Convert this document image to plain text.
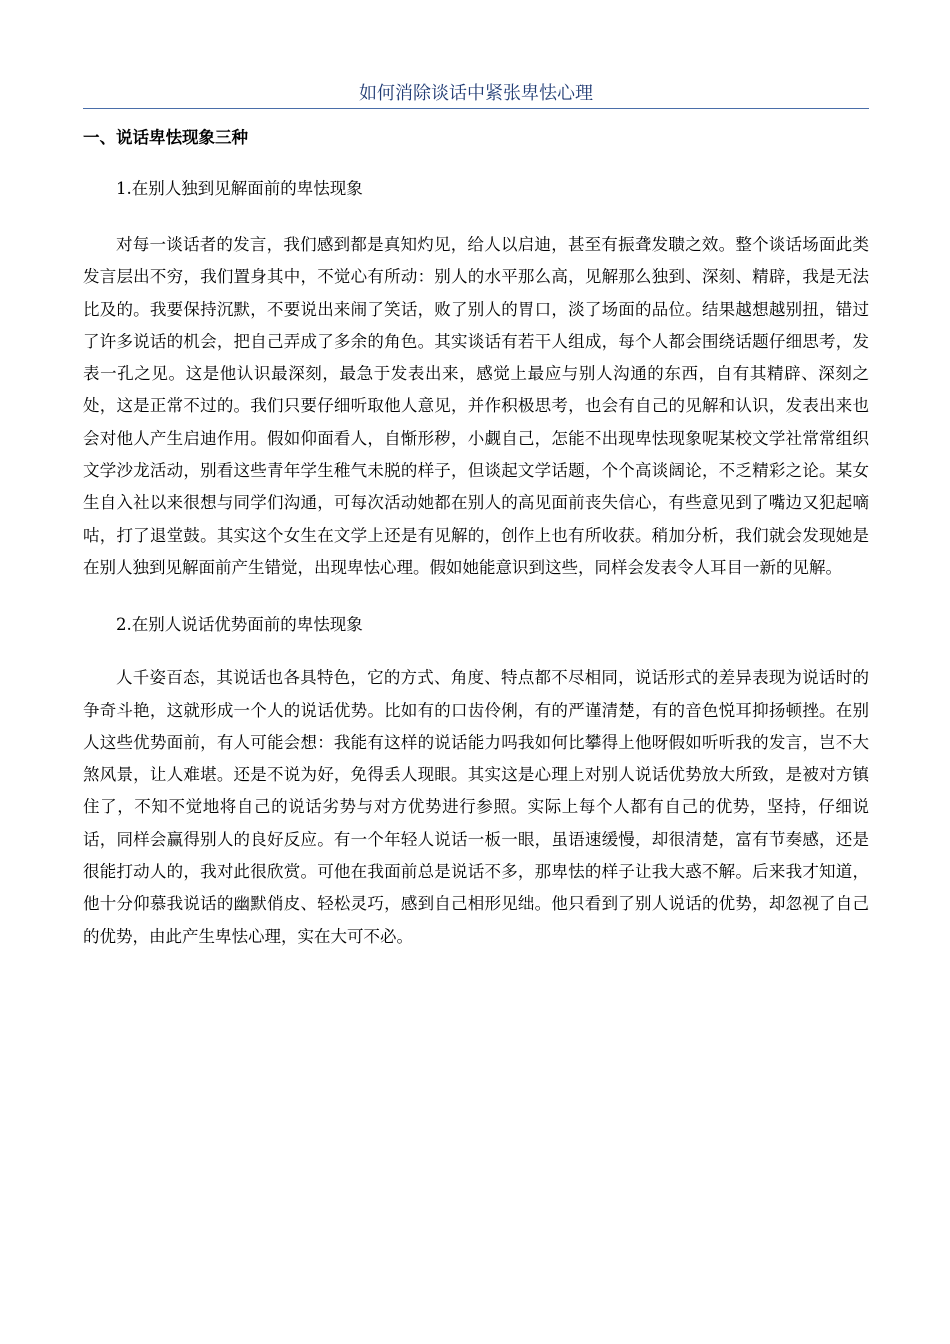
如何消除谈话中紧张卑怯心理
一、说话卑怯现象三种

1.在别人独到见解面前的卑怯现象

对每一谈话者的发言，我们感到都是真知灼见，给人以启迪，甚至有振聋发聩之效。整个谈话场面此类发言层出不穷，我们置身其中，不觉心有所动：别人的水平那么高，见解那么独到、深刻、精辟，我是无法比及的。我要保持沉默，不要说出来闹了笑话，败了别人的胃口，淡了场面的品位。结果越想越别扭，错过了许多说话的机会，把自己弄成了多余的角色。其实谈话有若干人组成，每个人都会围绕话题仔细思考，发表一孔之见。这是他认识最深刻，最急于发表出来，感觉上最应与别人沟通的东西，自有其精辟、深刻之处，这是正常不过的。我们只要仔细听取他人意见，并作积极思考，也会有自己的见解和认识，发表出来也会对他人产生启迪作用。假如仰面看人，自惭形秽，小觑自己，怎能不出现卑怯现象呢某校文学社常常组织文学沙龙活动，别看这些青年学生稚气未脱的样子，但谈起文学话题，个个高谈阔论，不乏精彩之论。某女生自入社以来很想与同学们沟通，可每次活动她都在别人的高见面前丧失信心，有些意见到了嘴边又犯起嘀咕，打了退堂鼓。其实这个女生在文学上还是有见解的，创作上也有所收获。稍加分析，我们就会发现她是在别人独到见解面前产生错觉，出现卑怯心理。假如她能意识到这些，同样会发表令人耳目一新的见解。

2.在别人说话优势面前的卑怯现象

人千姿百态，其说话也各具特色，它的方式、角度、特点都不尽相同，说话形式的差异表现为说话时的争奇斗艳，这就形成一个人的说话优势。比如有的口齿伶俐，有的严谨清楚，有的音色悦耳抑扬顿挫。在别人这些优势面前，有人可能会想：我能有这样的说话能力吗我如何比攀得上他呀假如听听我的发言，岂不大煞风景，让人难堪。还是不说为好，免得丢人现眼。其实这是心理上对别人说话优势放大所致，是被对方镇住了，不知不觉地将自己的说话劣势与对方优势进行参照。实际上每个人都有自己的优势，坚持，仔细说话，同样会赢得别人的良好反应。有一个年轻人说话一板一眼，虽语速缓慢，却很清楚，富有节奏感，还是很能打动人的，我对此很欣赏。可他在我面前总是说话不多，那卑怯的样子让我大惑不解。后来我才知道，他十分仰慕我说话的幽默俏皮、轻松灵巧，感到自己相形见绌。他只看到了别人说话的优势，却忽视了自己的优势，由此产生卑怯心理，实在大可不必。
